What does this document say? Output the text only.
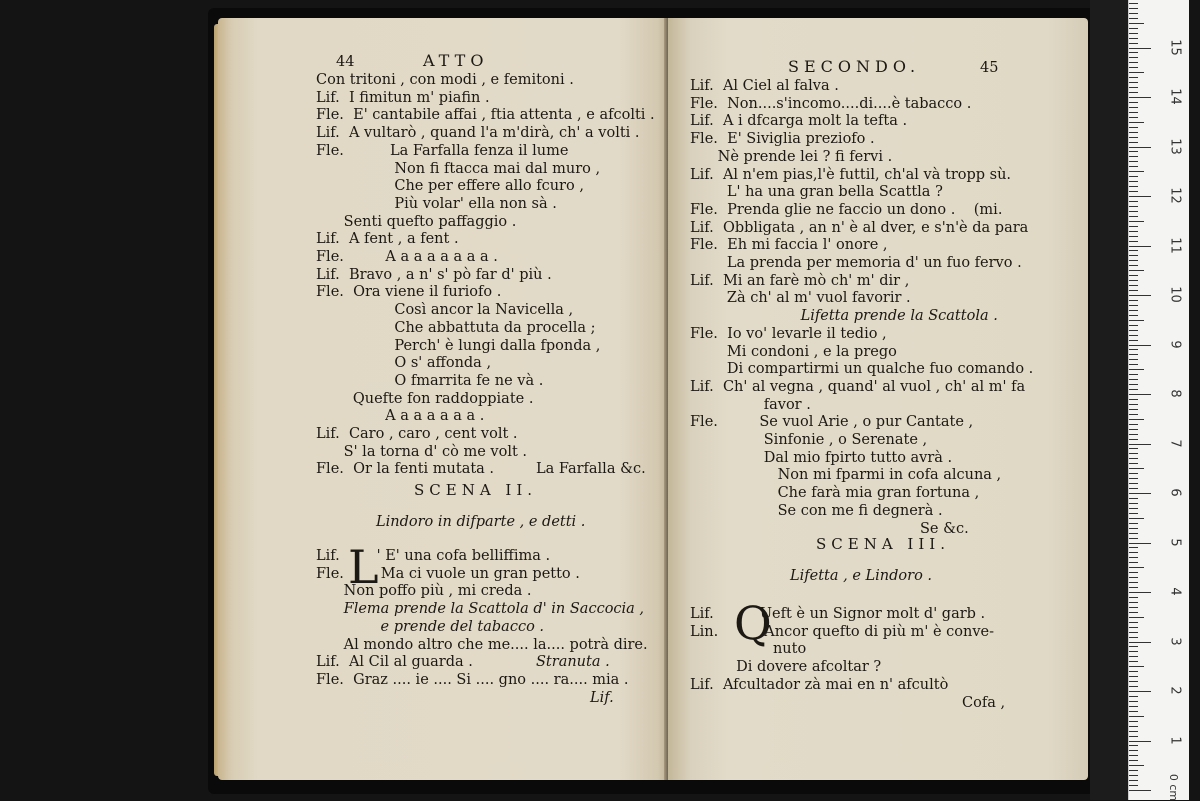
44	ATTO
Con tritoni , con modi , e femitoni .
Lif.  I fimitun m' piafin .
Fle.  E' cantabile affai , ftia attenta , e afcolti .
Lif.  A vultarò , quand l'a m'dirà, ch' a volti .
Fle.          La Farfalla fenza il lume
Non fi ftacca mai dal muro ,
Che per effere allo fcuro ,
Più volar' ella non sà .
Senti quefto paffaggio .
Lif.  A fent , a fent .
Fle.         A a a a a a a a .
Lif.  Bravo , a n' s' pò far d' più .
Fle.  Ora viene il furiofo .
Così ancor la Navicella ,
Che abbattuta da procella ;
Perch' è lungi dalla fponda ,
O s' affonda ,
O fmarrita fe ne và .
Quefte fon raddoppiate .
A a a a a a a .
Lif.  Caro , caro , cent volt .
S' la torna d' cò me volt .
Fle.  Or la fenti mutata .	La Farfalla &c.
SCENA II.
Lindoro in difparte , e detti .
L
Lif.        ' E' una cofa belliffima .
Fle.        Ma ci vuole un gran petto .
Non poffo più , mi creda .
Flema prende la Scattola d' in Saccocia ,
e prende del tabacco .
Al mondo altro che me.... la.... potrà dire.
Lif.  Al Cil al guarda .	Stranuta .
Fle.  Graz .... ie .... Si .... gno .... ra.... mia .
Lif.
SECONDO.	45
Lif.  Al Ciel al falva .
Fle.  Non....s'incomo....di....è tabacco .
Lif.  A i dfcarga molt la tefta .
Fle.  E' Siviglia preziofo .
Nè prende lei ? fi fervi .
Lif.  Al n'em pias,l'è futtil, ch'al và tropp sù.
L' ha una gran bella Scattla ?
Fle.  Prenda glie ne faccio un dono .    (mi.
Lif.  Obbligata , an n' è al dver, e s'n'è da para
Fle.  Eh mi faccia l' onore ,
La prenda per memoria d' un fuo fervo .
Lif.  Mi an farè mò ch' m' dir ,
Zà ch' al m' vuol favorir .
Lifetta prende la Scattola .
Fle.  Io vo' levarle il tedio ,
Mi condoni , e la prego
Di compartirmi un qualche fuo comando .
Lif.  Ch' al vegna , quand' al vuol , ch' al m' fa
favor .
Fle.         Se vuol Arie , o pur Cantate ,
Sinfonie , o Serenate ,
Dal mio fpirto tutto avrà .
Non mi fparmi in cofa alcuna ,
Che farà mia gran fortuna ,
Se con me fi degnerà .
Se &c.
SCENA III.
Lifetta , e Lindoro .
Q
Lif.          Ueft è un Signor molt d' garb .
Lin.          Ancor quefto di più m' è conve-
nuto
Di dovere afcoltar ?
Lif.  Afcultador zà mai en n' afcultò
Cofa ,
0 cm
1
2
3
4
5
6
7
8
9
10
11
12
13
14
15
